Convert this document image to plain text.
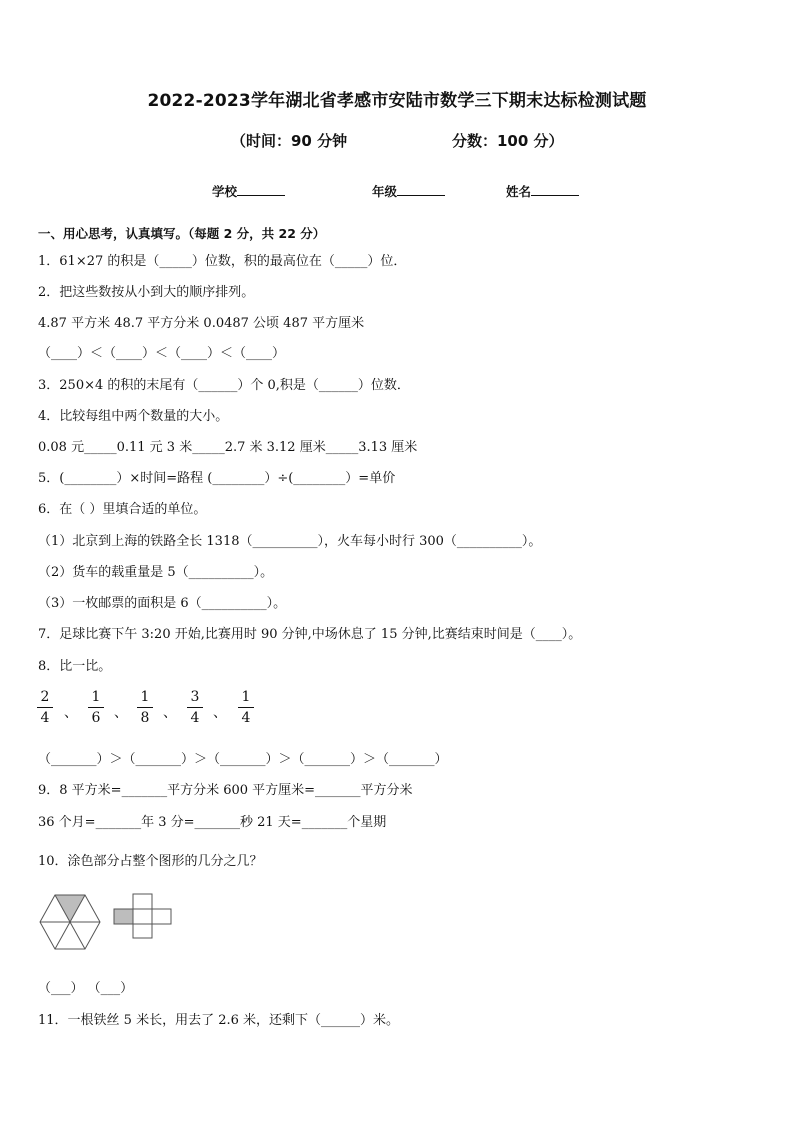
2022-2023学年湖北省孝感市安陆市数学三下期末达标检测试题
（时间：90 分钟	分数：100 分）
学校	年级	姓名
一、用心思考，认真填写。（每题 2 分，共 22 分）
1．61×27 的积是（_____）位数，积的最高位在（_____）位．
2．把这些数按从小到大的顺序排列。
4.87 平方米 48.7 平方分米 0.0487 公顷 487 平方厘米
（____）＜（____）＜（____）＜（____）
3．250×4 的积的末尾有（______）个 0,积是（______）位数．
4．比较每组中两个数量的大小。
0.08 元_____0.11 元 3 米_____2.7 米 3.12 厘米_____3.13 厘米
5．(________）×时间=路程 (________）÷(________）=单价
6．在（ ）里填合适的单位。
（1）北京到上海的铁路全长 1318（__________），火车每小时行 300（__________）。
（2）货车的载重量是 5（__________）。
（3）一枚邮票的面积是 6（__________）。
7．足球比赛下午 3:20 开始,比赛用时 90 分钟,中场休息了 15 分钟,比赛结束时间是（____）。
8．比一比。
2
4 、
1
6 、
1
8 、
3
4 、
1
4
（_______）＞（_______）＞（_______）＞（_______）＞（_______）
9．8 平方米=_______平方分米 600 平方厘米=_______平方分米
36 个月=_______年 3 分=_______秒 21 天=_______个星期
10．涂色部分占整个图形的几分之几？
（___） （___）
11．一根铁丝 5 米长，用去了 2.6 米，还剩下（______）米。
